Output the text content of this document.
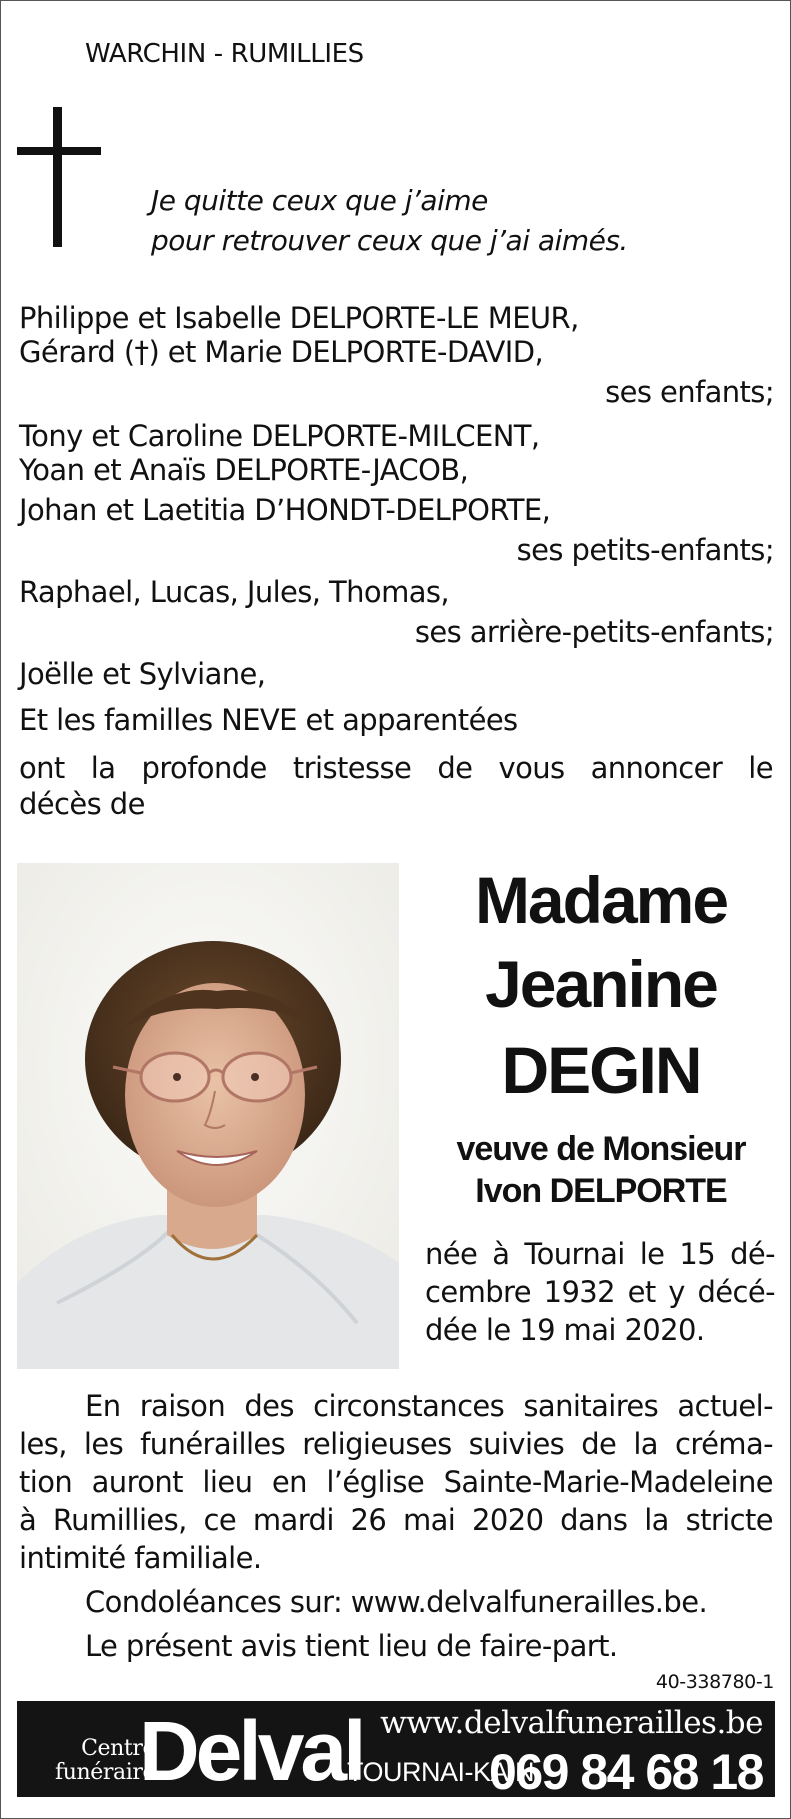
WARCHIN - RUMILLIES
Je quitte ceux que j’aime
pour retrouver ceux que j’ai aimés.
Philippe et Isabelle DELPORTE-LE MEUR,
Gérard (†) et Marie DELPORTE-DAVID,
ses enfants;
Tony et Caroline DELPORTE-MILCENT,
Yoan et Anaïs DELPORTE-JACOB,
Johan et Laetitia D’HONDT-DELPORTE,
ses petits-enfants;
Raphael, Lucas, Jules, Thomas,
ses arrière-petits-enfants;
Joëlle et Sylviane,
Et les familles NEVE et apparentées
ont la profonde tristesse de vous annoncer le
décès de
Madame
Jeanine
DEGIN
veuve de Monsieur
Ivon DELPORTE
née à Tournai le 15 dé-
cembre 1932 et y décé-
dée le 19 mai 2020.
En raison des circonstances sanitaires actuel-
les, les funérailles religieuses suivies de la créma-
tion auront lieu en l’église Sainte-Marie-Madeleine
à Rumillies, ce mardi 26 mai 2020 dans la stricte
intimité familiale.
Condoléances sur: www.delvalfunerailles.be.
Le présent avis tient lieu de faire-part.
40-338780-1
Centre
funéraire
Delval www.delvalfunerailles.be
TOURNAI-KAIN
069 84 68 18
